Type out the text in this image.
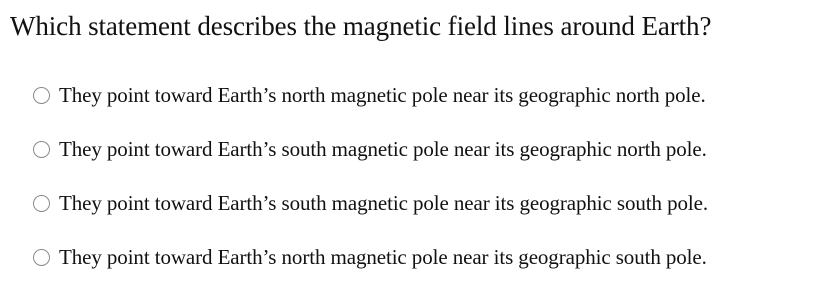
Which statement describes the magnetic field lines around Earth?
They point toward Earth’s north magnetic pole near its geographic north pole.
They point toward Earth’s south magnetic pole near its geographic north pole.
They point toward Earth’s south magnetic pole near its geographic south pole.
They point toward Earth’s north magnetic pole near its geographic south pole.
